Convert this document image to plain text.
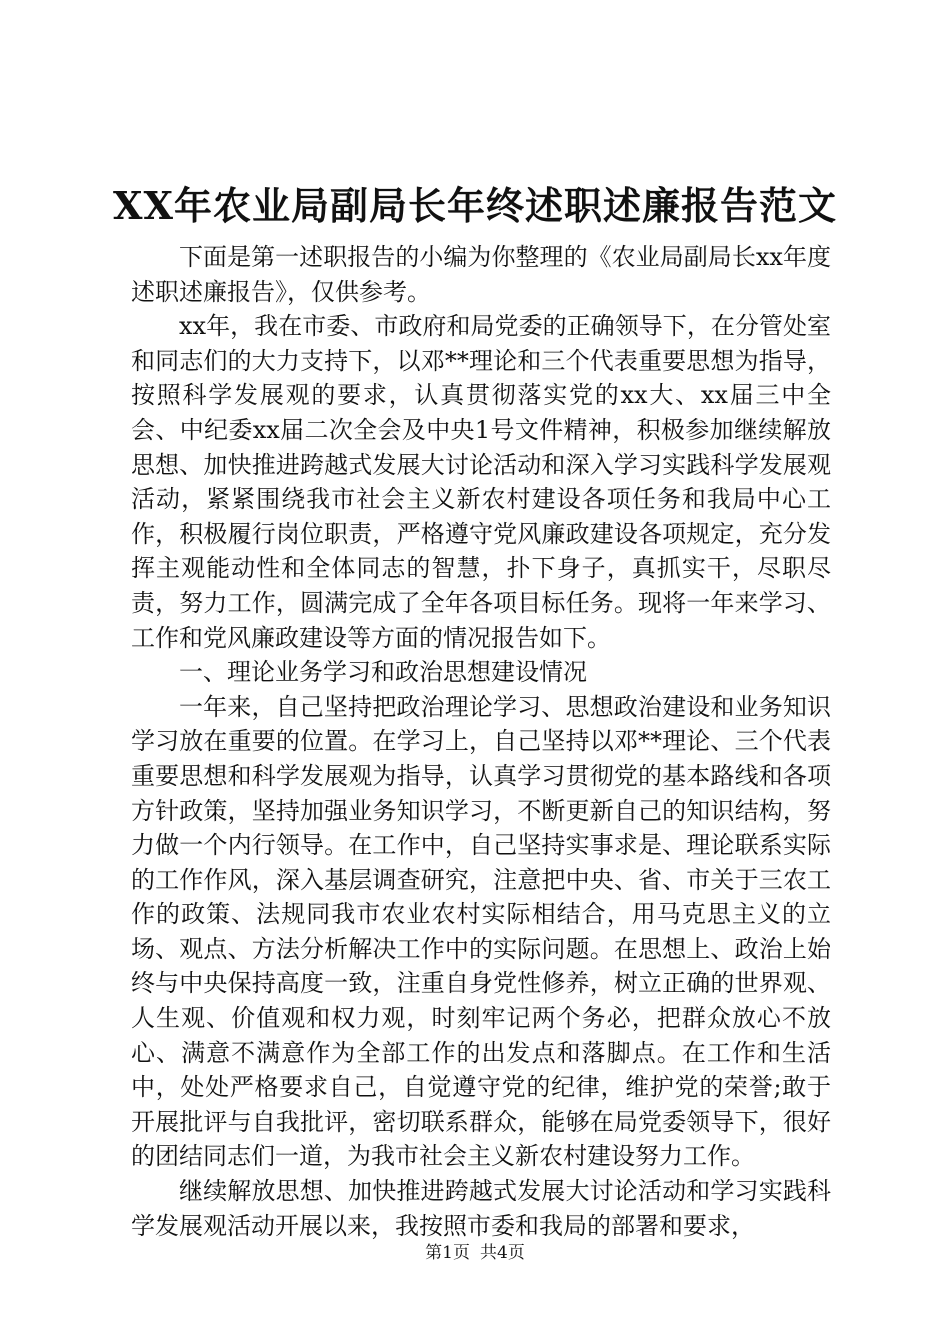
XX年农业局副局长年终述职述廉报告范文

下面是第一述职报告的小编为你整理的《农业局副局长xx年度述职述廉报告》，仅供参考。

xx年，我在市委、市政府和局党委的正确领导下，在分管处室和同志们的大力支持下，以邓**理论和三个代表重要思想为指导，按照科学发展观的要求，认真贯彻落实党的xx大、xx届三中全会、中纪委xx届二次全会及中央1号文件精神，积极参加继续解放思想、加快推进跨越式发展大讨论活动和深入学习实践科学发展观活动，紧紧围绕我市社会主义新农村建设各项任务和我局中心工作，积极履行岗位职责，严格遵守党风廉政建设各项规定，充分发挥主观能动性和全体同志的智慧，扑下身子，真抓实干，尽职尽责，努力工作，圆满完成了全年各项目标任务。现将一年来学习、工作和党风廉政建设等方面的情况报告如下。

一、理论业务学习和政治思想建设情况

一年来，自己坚持把政治理论学习、思想政治建设和业务知识学习放在重要的位置。在学习上，自己坚持以邓**理论、三个代表重要思想和科学发展观为指导，认真学习贯彻党的基本路线和各项方针政策，坚持加强业务知识学习，不断更新自己的知识结构，努力做一个内行领导。在工作中，自己坚持实事求是、理论联系实际的工作作风，深入基层调查研究，注意把中央、省、市关于三农工作的政策、法规同我市农业农村实际相结合，用马克思主义的立场、观点、方法分析解决工作中的实际问题。在思想上、政治上始终与中央保持高度一致，注重自身党性修养，树立正确的世界观、人生观、价值观和权力观，时刻牢记两个务必，把群众放心不放心、满意不满意作为全部工作的出发点和落脚点。在工作和生活中，处处严格要求自己，自觉遵守党的纪律，维护党的荣誉;敢于开展批评与自我批评，密切联系群众，能够在局党委领导下，很好的团结同志们一道，为我市社会主义新农村建设努力工作。

继续解放思想、加快推进跨越式发展大讨论活动和学习实践科学发展观活动开展以来，我按照市委和我局的部署和要求，

第1页 共4页
